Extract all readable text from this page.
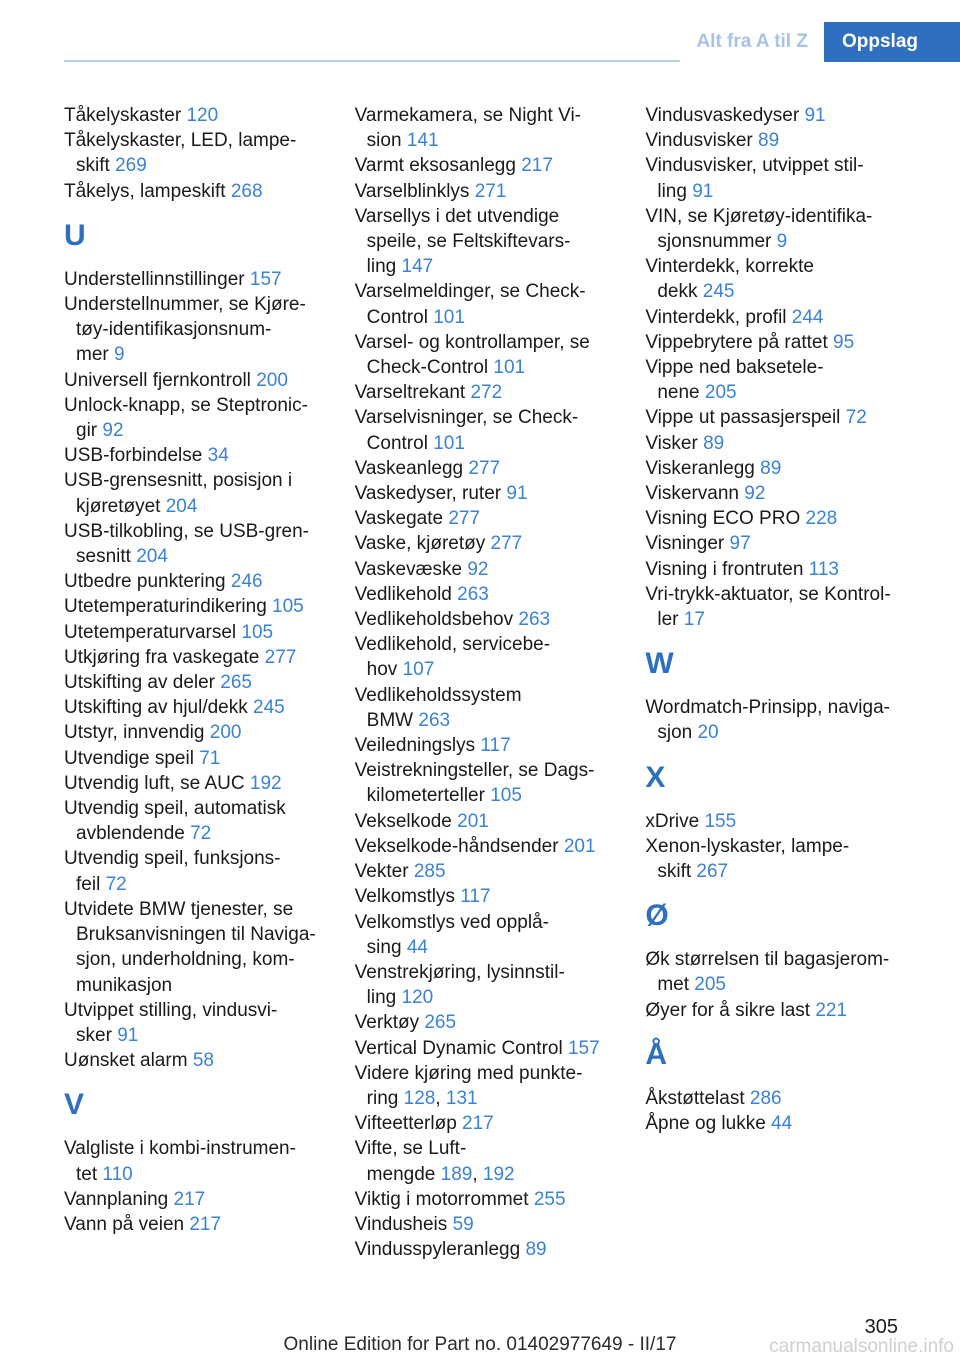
Alt fra A til Z	Oppslag
Tåkelyskaster 120
Tåkelyskaster, LED, lampe-
skift 269
Tåkelys, lampeskift 268
U
Understellinnstillinger 157
Understellnummer, se Kjøre-
tøy-identifikasjonsnum-
mer 9
Universell fjernkontroll 200
Unlock-knapp, se Steptronic-
gir 92
USB-forbindelse 34
USB-grensesnitt, posisjon i
kjøretøyet 204
USB-tilkobling, se USB-gren-
sesnitt 204
Utbedre punktering 246
Utetemperaturindikering 105
Utetemperaturvarsel 105
Utkjøring fra vaskegate 277
Utskifting av deler 265
Utskifting av hjul/dekk 245
Utstyr, innvendig 200
Utvendige speil 71
Utvendig luft, se AUC 192
Utvendig speil, automatisk
avblendende 72
Utvendig speil, funksjons-
feil 72
Utvidete BMW tjenester, se
Bruksanvisningen til Naviga-
sjon, underholdning, kom-
munikasjon
Utvippet stilling, vindusvi-
sker 91
Uønsket alarm 58
V
Valgliste i kombi-instrumen-
tet 110
Vannplaning 217
Vann på veien 217
Varmekamera, se Night Vi-
sion 141
Varmt eksosanlegg 217
Varselblinklys 271
Varsellys i det utvendige
speile, se Feltskiftevars-
ling 147
Varselmeldinger, se Check-
Control 101
Varsel- og kontrollamper, se
Check-Control 101
Varseltrekant 272
Varselvisninger, se Check-
Control 101
Vaskeanlegg 277
Vaskedyser, ruter 91
Vaskegate 277
Vaske, kjøretøy 277
Vaskevæske 92
Vedlikehold 263
Vedlikeholdsbehov 263
Vedlikehold, servicebe-
hov 107
Vedlikeholdssystem
BMW 263
Veiledningslys 117
Veistrekningsteller, se Dags-
kilometerteller 105
Vekselkode 201
Vekselkode-håndsender 201
Vekter 285
Velkomstlys 117
Velkomstlys ved opplå-
sing 44
Venstrekjøring, lysinnstil-
ling 120
Verktøy 265
Vertical Dynamic Control 157
Videre kjøring med punkte-
ring 128, 131
Vifteetterløp 217
Vifte, se Luft-
mengde 189, 192
Viktig i motorrommet 255
Vindusheis 59
Vindusspyleranlegg 89
Vindusvaskedyser 91
Vindusvisker 89
Vindusvisker, utvippet stil-
ling 91
VIN, se Kjøretøy-identifika-
sjonsnummer 9
Vinterdekk, korrekte
dekk 245
Vinterdekk, profil 244
Vippebrytere på rattet 95
Vippe ned baksetele-
nene 205
Vippe ut passasjerspeil 72
Visker 89
Viskeranlegg 89
Viskervann 92
Visning ECO PRO 228
Visninger 97
Visning i frontruten 113
Vri-trykk-aktuator, se Kontrol-
ler 17
W
Wordmatch-Prinsipp, naviga-
sjon 20
X
xDrive 155
Xenon-lyskaster, lampe-
skift 267
Ø
Øk størrelsen til bagasjerom-
met 205
Øyer for å sikre last 221
Å
Åkstøttelast 286
Åpne og lukke 44
305
Online Edition for Part no. 01402977649 - II/17	carmanualsonline.info
